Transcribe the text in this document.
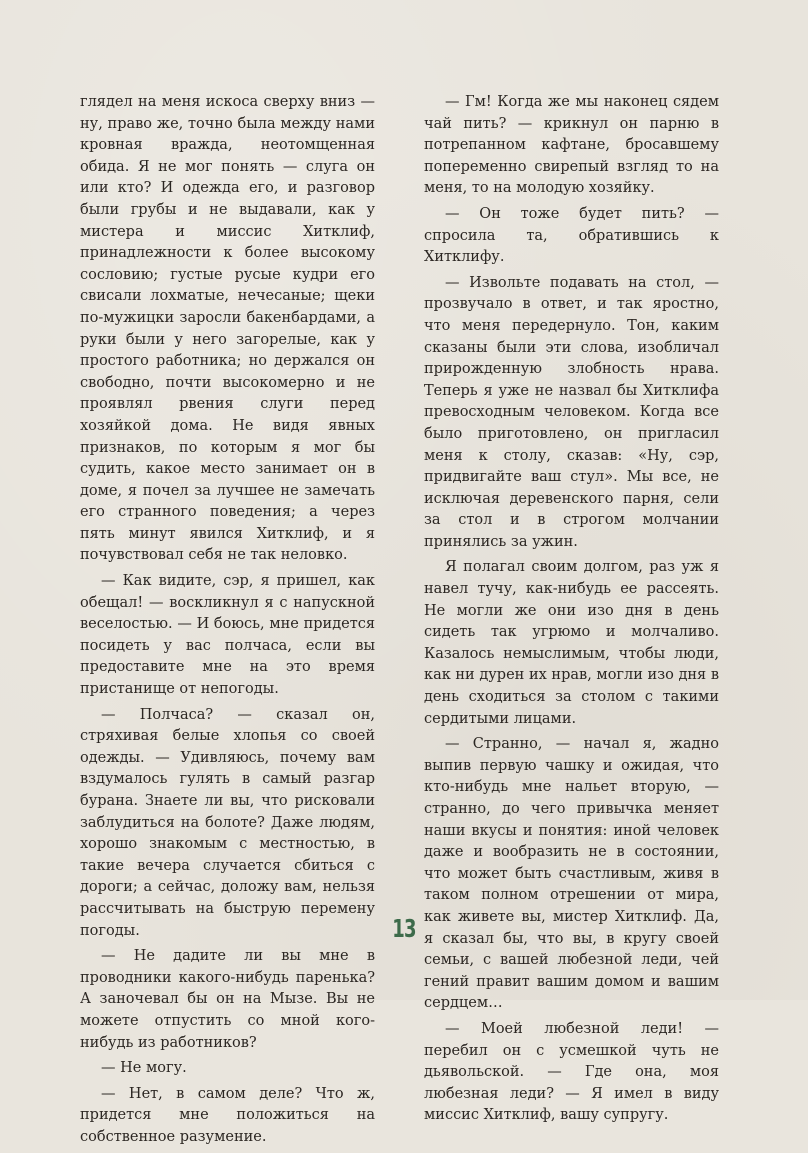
глядел на меня искоса сверху вниз — ну, право же, точно была между нами кровная вражда, неотомщенная обида. Я не мог понять — слуга он или кто? И одежда его, и разговор были грубы и не выдавали, как у мистера и миссис Хитклиф, принадлежности к более высокому сословию; густые русые кудри его свисали лохматые, нечесаные; щеки по-мужицки заросли бакенбардами, а руки были у него загорелые, как у простого работника; но держался он свободно, почти высокомерно и не проявлял рвения слуги перед хозяйкой дома. Не видя явных признаков, по которым я мог бы судить, какое место занимает он в доме, я почел за лучшее не замечать его странного поведения; а через пять минут явился Хитклиф, и я почувствовал себя не так неловко.

— Как видите, сэр, я пришел, как обещал! — воскликнул я с напускной веселостью. — И боюсь, мне придется посидеть у вас полчаса, если вы предоставите мне на это время пристанище от непогоды.

— Полчаса? — сказал он, стряхивая белые хлопья со своей одежды. — Удивляюсь, почему вам вздумалось гулять в самый разгар бурана. Знаете ли вы, что рисковали заблудиться на болоте? Даже людям, хорошо знакомым с местностью, в такие вечера случается сбиться с дороги; а сейчас, доложу вам, нельзя рассчитывать на быструю перемену погоды.

— Не дадите ли вы мне в проводники какого-нибудь паренька? А заночевал бы он на Мызе. Вы не можете отпустить со мной кого-нибудь из работников?

— Не могу.

— Нет, в самом деле? Что ж, придется мне положиться на собственное разумение.

— Гм! Когда же мы наконец сядем чай пить? — крикнул он парню в потрепанном кафтане, бросавшему попеременно свирепый взгляд то на меня, то на молодую хозяйку.

— Он тоже будет пить? — спросила та, обратившись к Хитклифу.

— Извольте подавать на стол, — прозвучало в ответ, и так яростно, что меня передернуло. Тон, каким сказаны были эти слова, изобличал прирожденную злобность нрава. Теперь я уже не назвал бы Хитклифа превосходным человеком. Когда все было приготовлено, он пригласил меня к столу, сказав: «Ну, сэр, придвигайте ваш стул». Мы все, не исключая деревенского парня, сели за стол и в строгом молчании принялись за ужин.

Я полагал своим долгом, раз уж я навел тучу, как-нибудь ее рассеять. Не могли же они изо дня в день сидеть так угрюмо и молчаливо. Казалось немыслимым, чтобы люди, как ни дурен их нрав, могли изо дня в день сходиться за столом с такими сердитыми лицами.

— Странно, — начал я, жадно выпив первую чашку и ожидая, что кто-нибудь мне нальет вторую, — странно, до чего привычка меняет наши вкусы и понятия: иной человек даже и вообразить не в состоянии, что может быть счастливым, живя в таком полном отрешении от мира, как живете вы, мистер Хитклиф. Да, я сказал бы, что вы, в кругу своей семьи, с вашей любезной леди, чей гений правит вашим домом и вашим сердцем…

— Моей любезной леди! — перебил он с усмешкой чуть не дьявольской. — Где она, моя любезная леди? — Я имел в виду миссис Хитклиф, вашу супругу.

13
